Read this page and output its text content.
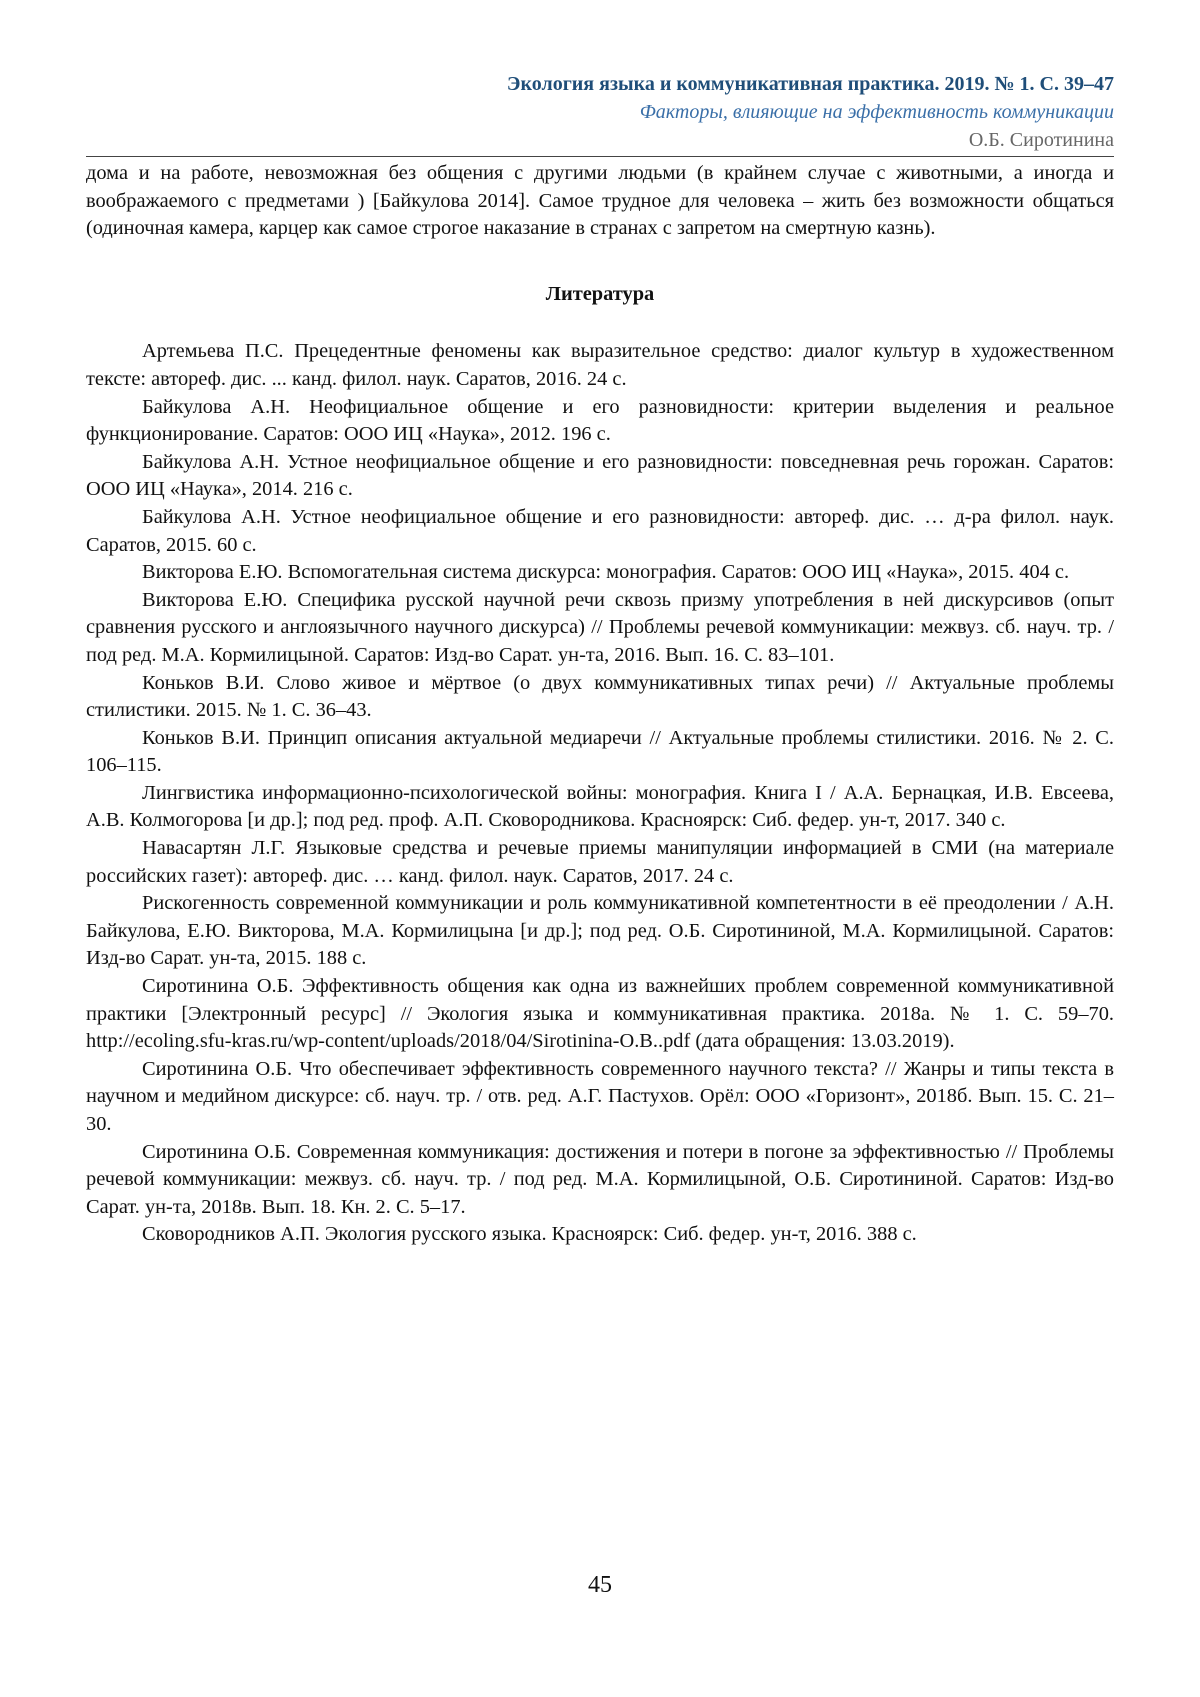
Экология языка и коммуникативная практика. 2019. № 1. С. 39–47
Факторы, влияющие на эффективность коммуникации
О.Б. Сиротинина

дома и на работе, невозможная без общения с другими людьми (в крайнем случае с животными, а иногда и воображаемого с предметами ) [Байкулова 2014]. Самое трудное для человека – жить без возможности общаться (одиночная камера, карцер как самое строгое наказание в странах с запретом на смертную казнь).

Литература

Артемьева П.С. Прецедентные феномены как выразительное средство: диалог культур в художественном тексте: автореф. дис. ... канд. филол. наук. Саратов, 2016. 24 с.

Байкулова А.Н. Неофициальное общение и его разновидности: критерии выделения и реальное функционирование. Саратов: ООО ИЦ «Наука», 2012. 196 с.

Байкулова А.Н. Устное неофициальное общение и его разновидности: повседневная речь горожан. Саратов: ООО ИЦ «Наука», 2014. 216 с.

Байкулова А.Н. Устное неофициальное общение и его разновидности: автореф. дис. … д-ра филол. наук. Саратов, 2015. 60 с.

Викторова Е.Ю. Вспомогательная система дискурса: монография. Саратов: ООО ИЦ «Наука», 2015. 404 с.

Викторова Е.Ю. Специфика русской научной речи сквозь призму употребления в ней дискурсивов (опыт сравнения русского и англоязычного научного дискурса) // Проблемы речевой коммуникации: межвуз. сб. науч. тр. / под ред. М.А. Кормилицыной. Саратов: Изд-во Сарат. ун-та, 2016. Вып. 16. С. 83–101.

Коньков В.И. Слово живое и мёртвое (о двух коммуникативных типах речи) // Актуальные проблемы стилистики. 2015. № 1. С. 36–43.

Коньков В.И. Принцип описания актуальной медиаречи // Актуальные проблемы стилистики. 2016. № 2. С. 106–115.

Лингвистика информационно-психологической войны: монография. Книга I / А.А. Бернацкая, И.В. Евсеева, А.В. Колмогорова [и др.]; под ред. проф. А.П. Сковородникова. Красноярск: Сиб. федер. ун-т, 2017. 340 с.

Навасартян Л.Г. Языковые средства и речевые приемы манипуляции информацией в СМИ (на материале российских газет): автореф. дис. … канд. филол. наук. Саратов, 2017. 24 с.

Рискогенность современной коммуникации и роль коммуникативной компетентности в её преодолении / А.Н. Байкулова, Е.Ю. Викторова, М.А. Кормилицына [и др.]; под ред. О.Б. Сиротининой, М.А. Кормилицыной. Саратов: Изд-во Сарат. ун-та, 2015. 188 с.

Сиротинина О.Б. Эффективность общения как одна из важнейших проблем современной коммуникативной практики [Электронный ресурс] // Экология языка и коммуникативная практика. 2018а. № 1. С. 59–70. http://ecoling.sfu-kras.ru/wp-content/uploads/2018/04/Sirotinina-O.B..pdf (дата обращения: 13.03.2019).

Сиротинина О.Б. Что обеспечивает эффективность современного научного текста? // Жанры и типы текста в научном и медийном дискурсе: сб. науч. тр. / отв. ред. А.Г. Пастухов. Орёл: ООО «Горизонт», 2018б. Вып. 15. С. 21–30.

Сиротинина О.Б. Современная коммуникация: достижения и потери в погоне за эффективностью // Проблемы речевой коммуникации: межвуз. сб. науч. тр. / под ред. М.А. Кормилицыной, О.Б. Сиротининой. Саратов: Изд-во Сарат. ун-та, 2018в. Вып. 18. Кн. 2. С. 5–17.

Сковородников А.П. Экология русского языка. Красноярск: Сиб. федер. ун-т, 2016. 388 с.

45
